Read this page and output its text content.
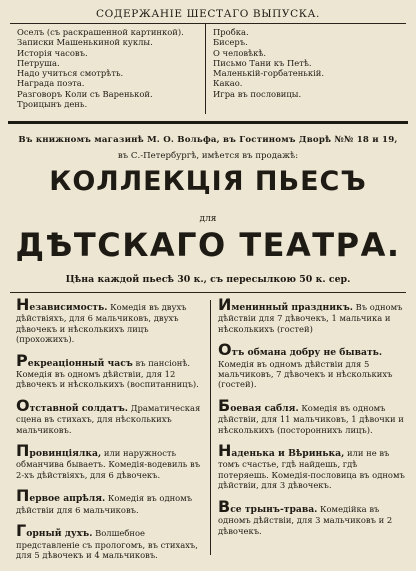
СОДЕРЖАНІЕ ШЕСТАГО ВЫПУСКА.
Оселъ (съ раскрашенной картинкой).
Записки Машенькиной куклы.
Исторія часовъ.
Петруша.
Надо учиться смотрѣть.
Награда поэта.
Разговоръ Коли съ Варенькой.
Троицынъ день.
Пробка.
Бисеръ.
О человѣкѣ.
Письмо Тани къ Петѣ.
Маленькій-горбатенькій.
Какао.
Игра въ пословицы.
Въ книжномъ магазинѣ М. О. Вольфа, въ Гостиномъ Дворѣ №№ 18 и 19,
въ С.-Петербургѣ, имѣется въ продажѣ:
КОЛЛЕКЦІЯ ПЬЕСЪ
для
ДѢТСКАГО ТЕАТРА.
Цѣна каждой пьесѣ 30 к., съ пересылкою 50 к. сер.
Независимость. Комедія въ двухъ дѣйствіяхъ, для 6 мальчиковъ, двухъ дѣвочекъ и нѣсколькихъ лицъ (прохожихъ).
Рекреаціонный часъ въ пансіонѣ. Комедія въ одномъ дѣйствіи, для 12 дѣвочекъ и нѣсколькихъ (воспитанницъ).
Отставной солдатъ. Драматическая сцена въ стихахъ, для нѣсколькихъ мальчиковъ.
Провинціялка, или наружность обманчива бываетъ. Комедія-водевиль въ 2-хъ дѣйствіяхъ, для 6 дѣвочекъ.
Первое апрѣля. Комедія въ одномъ дѣйствіи для 6 мальчиковъ.
Горный духъ. Волшебное представленіе съ прологомъ, въ стихахъ, для 5 дѣвочекъ и 4 мальчиковъ.
Именинный праздникъ. Въ одномъ дѣйствіи для 7 дѣвочекъ, 1 мальчика и нѣсколькихъ (гостей)
Отъ обмана добру не бывать. Комедія въ одномъ дѣйствіи для 5 мальчиковъ, 7 дѣвочекъ и нѣсколькихъ (гостей).
Боевая сабля. Комедія въ одномъ дѣйствіи, для 11 мальчиковъ, 1 дѣвочки и нѣсколькихъ (постороннихъ лицъ).
Наденька и Вѣринька, или не въ томъ счастье, гдѣ найдешь, гдѣ потеряешь. Комедія-пословица въ одномъ дѣйствіи, для 3 дѣвочекъ.
Все трынъ-трава. Комедійка въ одномъ дѣйствіи, для 3 мальчиковъ и 2 дѣвочекъ.
